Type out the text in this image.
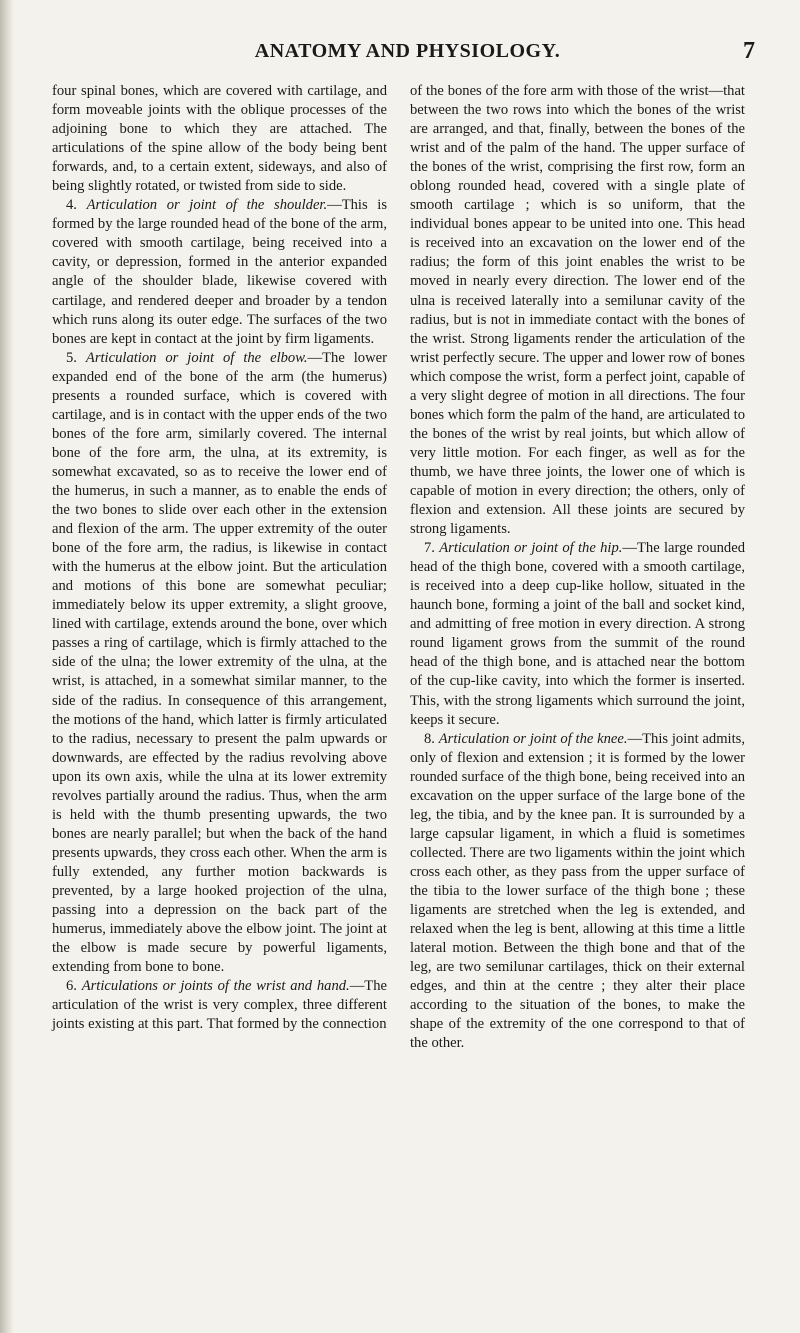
ANATOMY AND PHYSIOLOGY.	7

four spinal bones, which are covered with cartilage, and form moveable joints with the oblique processes of the adjoining bone to which they are attached. The articulations of the spine allow of the body being bent forwards, and, to a certain extent, sideways, and also of being slightly rotated, or twisted from side to side.

4. Articulation or joint of the shoulder.—This is formed by the large rounded head of the bone of the arm, covered with smooth cartilage, being received into a cavity, or depression, formed in the anterior expanded angle of the shoulder blade, likewise covered with cartilage, and rendered deeper and broader by a tendon which runs along its outer edge. The surfaces of the two bones are kept in contact at the joint by firm ligaments.

5. Articulation or joint of the elbow.—The lower expanded end of the bone of the arm (the humerus) presents a rounded surface, which is covered with cartilage, and is in contact with the upper ends of the two bones of the fore arm, similarly covered. The internal bone of the fore arm, the ulna, at its extremity, is somewhat excavated, so as to receive the lower end of the humerus, in such a manner, as to enable the ends of the two bones to slide over each other in the extension and flexion of the arm. The upper extremity of the outer bone of the fore arm, the radius, is likewise in contact with the humerus at the elbow joint. But the articulation and motions of this bone are somewhat peculiar; immediately below its upper extremity, a slight groove, lined with cartilage, extends around the bone, over which passes a ring of cartilage, which is firmly attached to the side of the ulna; the lower extremity of the ulna, at the wrist, is attached, in a somewhat similar manner, to the side of the radius. In consequence of this arrangement, the motions of the hand, which latter is firmly articulated to the radius, necessary to present the palm upwards or downwards, are effected by the radius revolving above upon its own axis, while the ulna at its lower extremity revolves partially around the radius. Thus, when the arm is held with the thumb presenting upwards, the two bones are nearly parallel; but when the back of the hand presents upwards, they cross each other. When the arm is fully extended, any further motion backwards is prevented, by a large hooked projection of the ulna, passing into a depression on the back part of the humerus, immediately above the elbow joint. The joint at the elbow is made secure by powerful ligaments, extending from bone to bone.

6. Articulations or joints of the wrist and hand.—The articulation of the wrist is very complex, three different joints existing at this part. That formed by the connection

of the bones of the fore arm with those of the wrist—that between the two rows into which the bones of the wrist are arranged, and that, finally, between the bones of the wrist and of the palm of the hand. The upper surface of the bones of the wrist, comprising the first row, form an oblong rounded head, covered with a single plate of smooth cartilage ; which is so uniform, that the individual bones appear to be united into one. This head is received into an excavation on the lower end of the radius; the form of this joint enables the wrist to be moved in nearly every direction. The lower end of the ulna is received laterally into a semilunar cavity of the radius, but is not in immediate contact with the bones of the wrist. Strong ligaments render the articulation of the wrist perfectly secure. The upper and lower row of bones which compose the wrist, form a perfect joint, capable of a very slight degree of motion in all directions. The four bones which form the palm of the hand, are articulated to the bones of the wrist by real joints, but which allow of very little motion. For each finger, as well as for the thumb, we have three joints, the lower one of which is capable of motion in every direction; the others, only of flexion and extension. All these joints are secured by strong ligaments.

7. Articulation or joint of the hip.—The large rounded head of the thigh bone, covered with a smooth cartilage, is received into a deep cup-like hollow, situated in the haunch bone, forming a joint of the ball and socket kind, and admitting of free motion in every direction. A strong round ligament grows from the summit of the round head of the thigh bone, and is attached near the bottom of the cup-like cavity, into which the former is inserted. This, with the strong ligaments which surround the joint, keeps it secure.

8. Articulation or joint of the knee.—This joint admits, only of flexion and extension ; it is formed by the lower rounded surface of the thigh bone, being received into an excavation on the upper surface of the large bone of the leg, the tibia, and by the knee pan. It is surrounded by a large capsular ligament, in which a fluid is sometimes collected. There are two ligaments within the joint which cross each other, as they pass from the upper surface of the tibia to the lower surface of the thigh bone ; these ligaments are stretched when the leg is extended, and relaxed when the leg is bent, allowing at this time a little lateral motion. Between the thigh bone and that of the leg, are two semilunar cartilages, thick on their external edges, and thin at the centre ; they alter their place according to the situation of the bones, to make the shape of the extremity of the one correspond to that of the other.
